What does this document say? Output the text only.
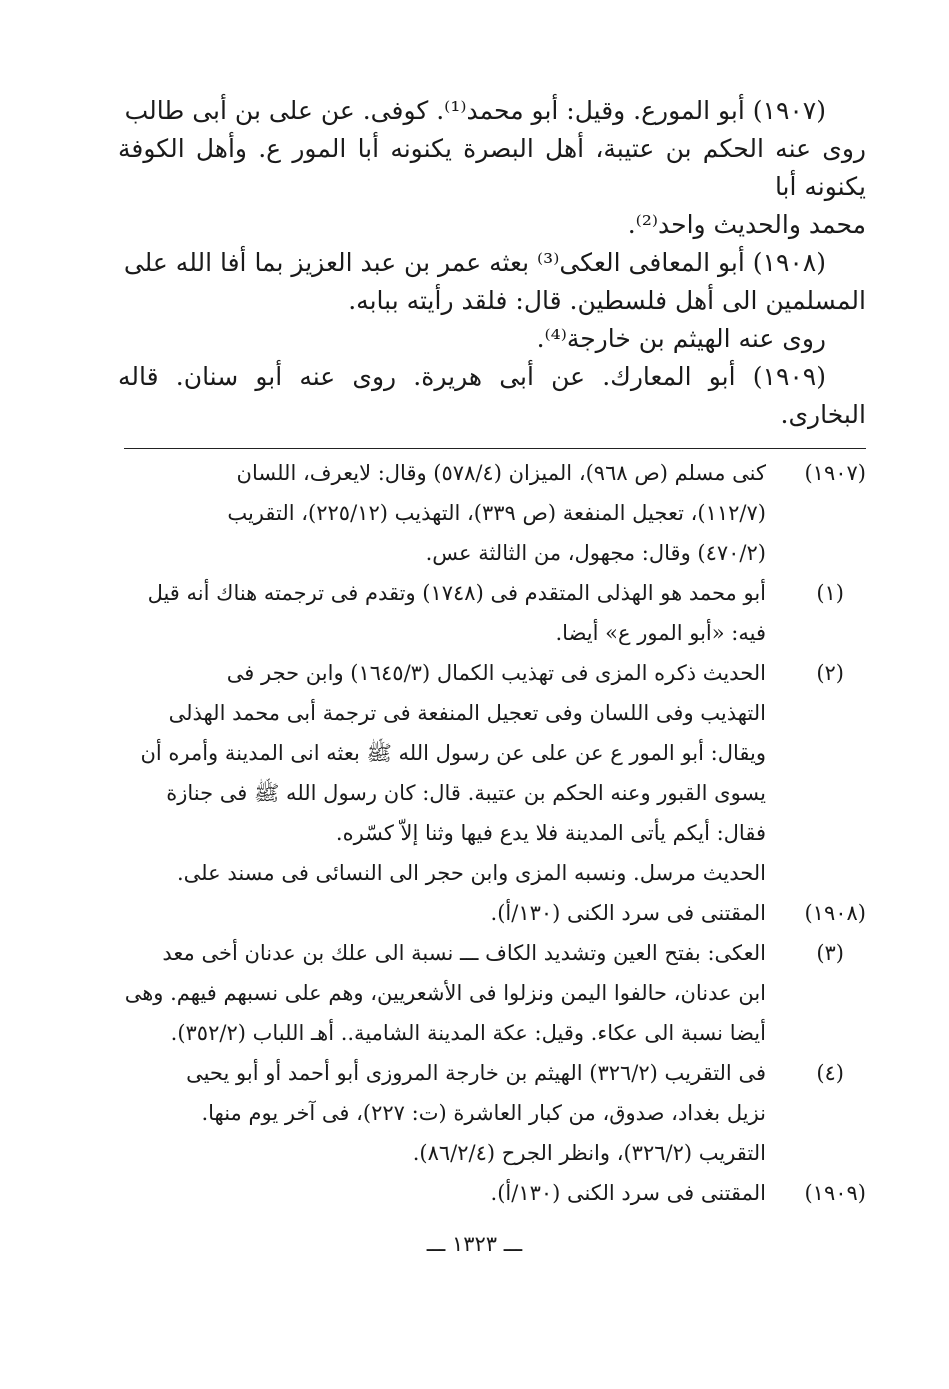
(١٩٠٧) أبو المورع. وقيل: أبو محمد⁽¹⁾. كوفى. عن على بن أبى طالب
روى عنه الحكم بن عتيبة، أهل البصرة يكنونه أبا المور ع. وأهل الكوفة يكنونه أبا
محمد والحديث واحد⁽²⁾.

(١٩٠٨) أبو المعافى العكى⁽³⁾ بعثه عمر بن عبد العزيز بما أفا الله على
المسلمين الى أهل فلسطين. قال: فلقد رأيته ببابه.

روى عنه الهيثم بن خارجة⁽⁴⁾.

(١٩٠٩) أبو المعارك. عن أبى هريرة. روى عنه أبو سنان. قاله البخارى.

(١٩٠٧)
كنى مسلم (ص ٩٦٨)، الميزان (٥٧٨/٤) وقال: لايعرف، اللسان
(١١٢/٧)، تعجيل المنفعة (ص ٣٣٩)، التهذيب (٢٢٥/١٢)، التقريب
(٤٧٠/٢) وقال: مجهول، من الثالثة عس.
(١)
أبو محمد هو الهذلى المتقدم فى (١٧٤٨) وتقدم فى ترجمته هناك أنه قيل
فيه: «أبو المور ع» أيضا.
(٢)
الحديث ذكره المزى فى تهذيب الكمال (١٦٤٥/٣) وابن حجر فى
التهذيب وفى اللسان وفى تعجيل المنفعة فى ترجمة أبى محمد الهذلى
ويقال: أبو المور ع عن على عن رسول الله ﷺ بعثه انى المدينة وأمره أن
يسوى القبور وعنه الحكم بن عتيبة. قال: كان رسول الله ﷺ فى جنازة
فقال: أيكم يأتى المدينة فلا يدع فيها وثنا إلاّ كسّره.

الحديث مرسل. ونسبه المزى وابن حجر الى النسائى فى مسند على.

(١٩٠٨)
المقتنى فى سرد الكنى (١٣٠/أ).
(٣)
العكى: بفتح العين وتشديد الكاف ـــ نسبة الى علك بن عدنان أخى معد
ابن عدنان، حالفوا اليمن ونزلوا فى الأشعريين، وهم على نسبهم فيهم. وهى
أيضا نسبة الى عكاء. وقيل: عكة المدينة الشامية.. أهـ اللباب (٣٥٢/٢).
(٤)
فى التقريب (٣٢٦/٢) الهيثم بن خارجة المروزى أبو أحمد أو أبو يحيى
نزيل بغداد، صدوق، من كبار العاشرة (ت: ٢٢٧)، فى آخر يوم منها.
التقريب (٣٢٦/٢)، وانظر الجرح (٨٦/٢/٤).
(١٩٠٩)
المقتنى فى سرد الكنى (١٣٠/أ).
ـــ ١٣٢٣ ـــ
